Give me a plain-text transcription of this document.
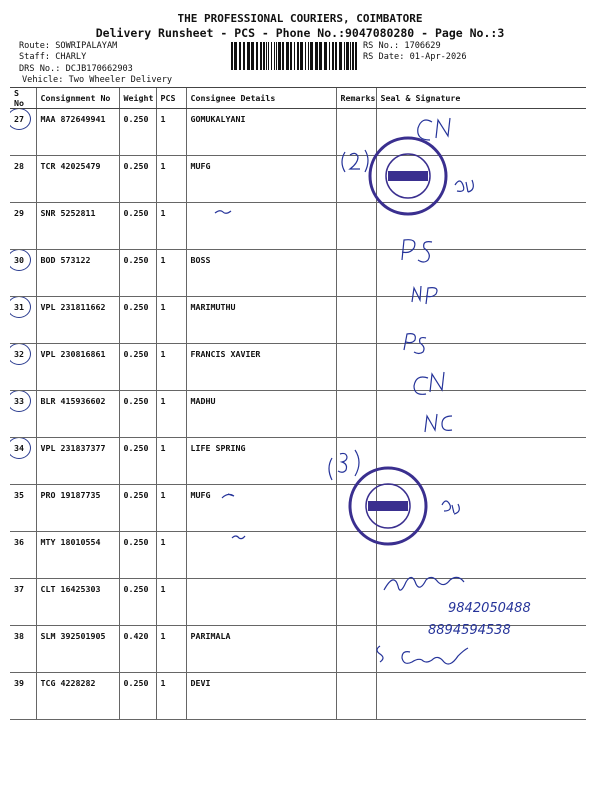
THE PROFESSIONAL COURIERS, COIMBATORE
Delivery Runsheet - PCS - Phone No.:9047080280 - Page No.:3
Route: SOWRIPALAYAM
Staff: CHARLY
DRS No.: DCJB170662903
Vehicle: Two Wheeler Delivery
RS No.: 1706629
RS Date: 01-Apr-2026
S No	Consignment No	Weight	PCS	Consignee Details	Remarks	Seal & Signature
27	MAA 872649941	0.250	1	GOMUKALYANI		
28	TCR 42025479	0.250	1	MUFG		
29	SNR 5252811	0.250	1			
30	BOD 573122	0.250	1	BOSS		
31	VPL 231811662	0.250	1	MARIMUTHU		
32	VPL 230816861	0.250	1	FRANCIS XAVIER		
33	BLR 415936602	0.250	1	MADHU		
34	VPL 231837377	0.250	1	LIFE SPRING		
35	PRO 19187735	0.250	1	MUFG		
36	MTY 18010554	0.250	1			
37	CLT 16425303	0.250	1			
38	SLM 392501905	0.420	1	PARIMALA		
39	TCG 4228282	0.250	1	DEVI		
9842050488
8894594538
